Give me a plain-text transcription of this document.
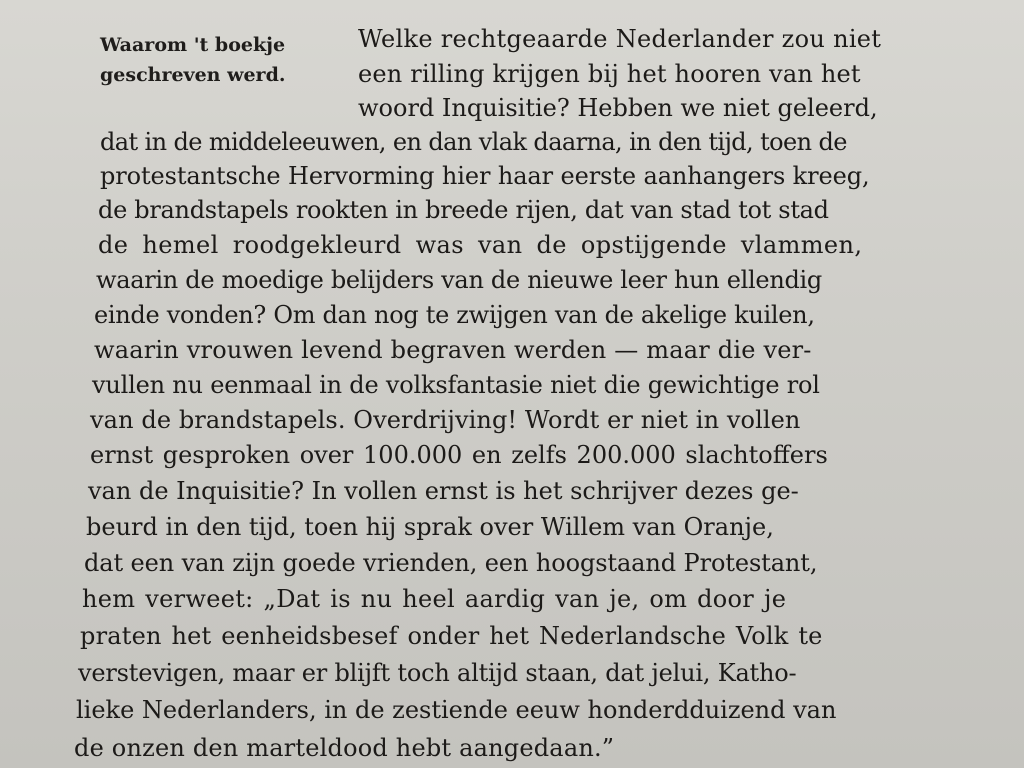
Waarom 't boekje
geschreven werd.
Welke rechtgeaarde Nederlander zou niet
een rilling krijgen bij het hooren van het
woord Inquisitie? Hebben we niet geleerd,
dat in de middeleeuwen, en dan vlak daarna, in den tijd, toen de
protestantsche Hervorming hier haar eerste aanhangers kreeg,
de brandstapels rookten in breede rijen, dat van stad tot stad
de hemel roodgekleurd was van de opstijgende vlammen,
waarin de moedige belijders van de nieuwe leer hun ellendig
einde vonden? Om dan nog te zwijgen van de akelige kuilen,
waarin vrouwen levend begraven werden — maar die ver-
vullen nu eenmaal in de volksfantasie niet die gewichtige rol
van de brandstapels. Overdrijving! Wordt er niet in vollen
ernst gesproken over 100.000 en zelfs 200.000 slachtoffers
van de Inquisitie? In vollen ernst is het schrijver dezes ge-
beurd in den tijd, toen hij sprak over Willem van Oranje,
dat een van zijn goede vrienden, een hoogstaand Protestant,
hem verweet: „Dat is nu heel aardig van je, om door je
praten het eenheidsbesef onder het Nederlandsche Volk te
verstevigen, maar er blijft toch altijd staan, dat jelui, Katho-
lieke Nederlanders, in de zestiende eeuw honderdduizend van
de onzen den marteldood hebt aangedaan.”
